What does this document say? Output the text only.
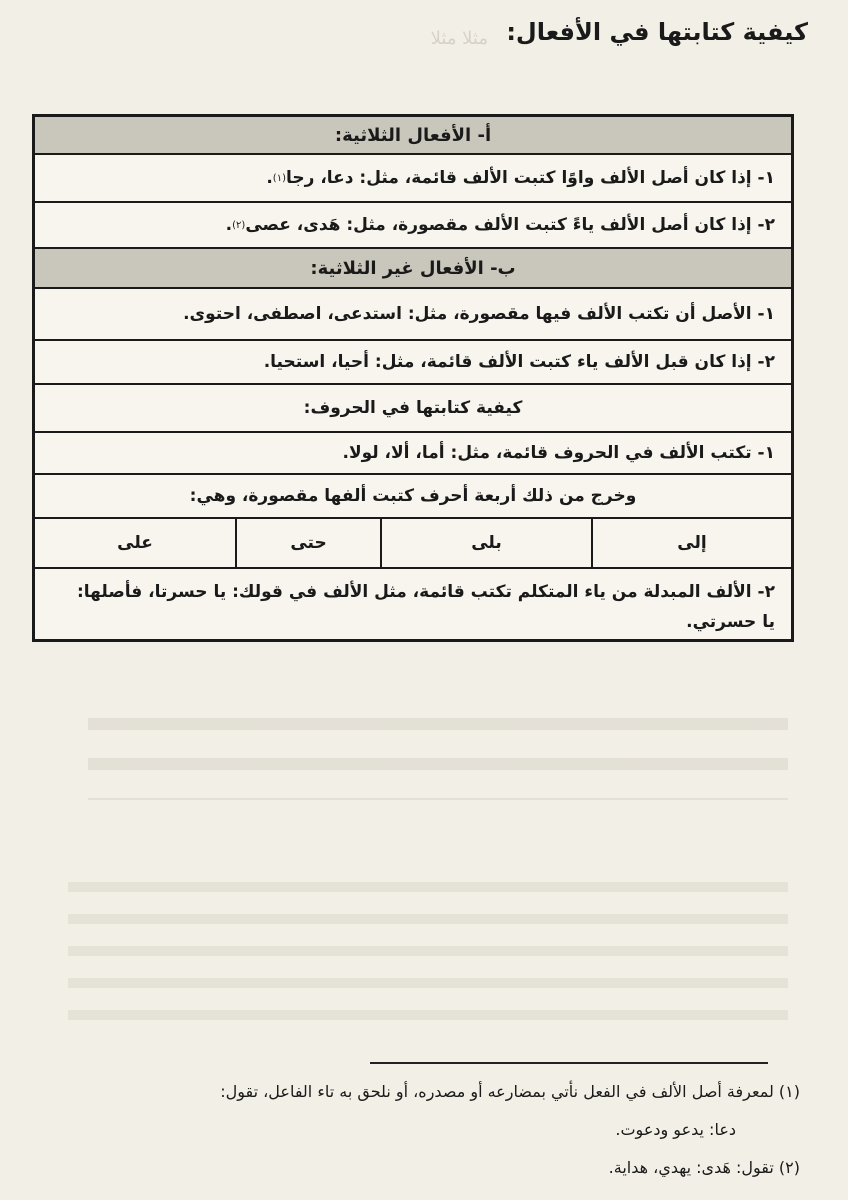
مثلا مثلا كيفية كتابتها في الأفعال:
أ- الأفعال الثلاثية:
١- إذا كان أصل الألف واوًا كتبت الألف قائمة، مثل: دعا، رجا
(١)
.
٢- إذا كان أصل الألف ياءً كتبت الألف مقصورة، مثل: هَدى، عصى
(٢)
.
ب- الأفعال غير الثلاثية:
١- الأصل أن تكتب الألف فيها مقصورة، مثل: استدعى، اصطفى، احتوى.
٢- إذا كان قبل الألف ياء كتبت الألف قائمة، مثل: أحيا، استحيا.
كيفية كتابتها في الحروف:
١- تكتب الألف في الحروف قائمة، مثل: أما، ألا، لولا.
وخرج من ذلك أربعة أحرف كتبت ألفها مقصورة، وهي:
إلى
بلى
حتى
على
٢- الألف المبدلة من ياء المتكلم تكتب قائمة، مثل الألف في قولك: يا حسرتا، فأصلها:
يا حسرتي.
(١) لمعرفة أصل الألف في الفعل نأتي بمضارعه أو مصدره، أو نلحق به تاء الفاعل، تقول:
دعا: يدعو ودعوت.
(٢) تقول: هَدى: يهدي، هداية.
